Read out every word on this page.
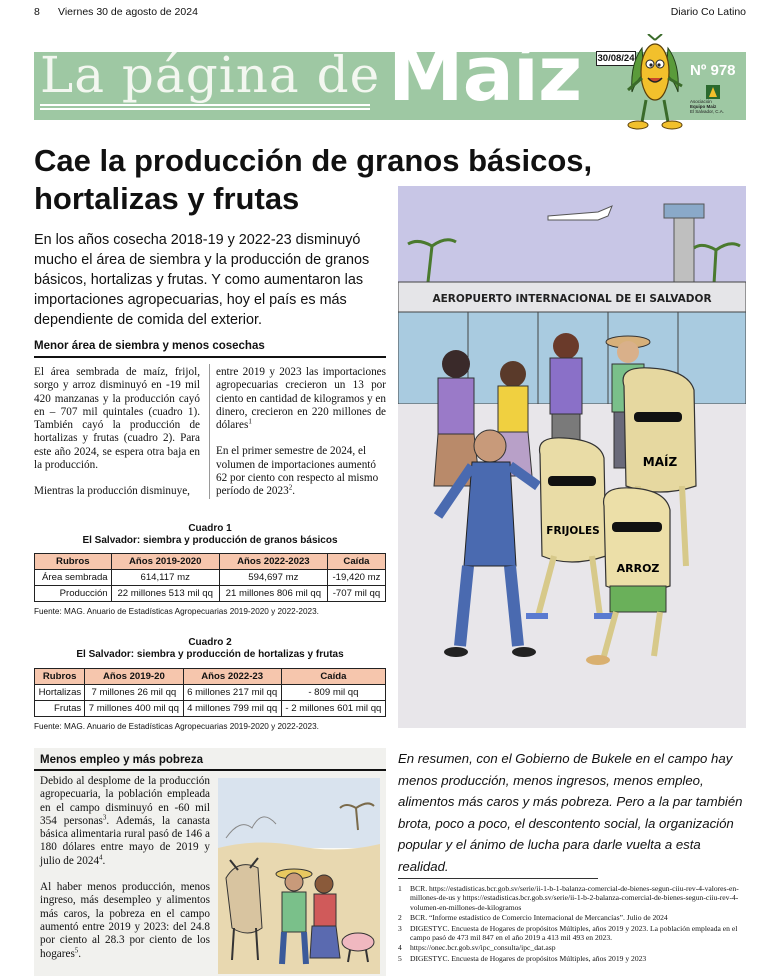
8 Viernes 30 de agosto de 2024	Diario Co Latino
La página de Maíz 30/08/24
Nº 978
Asociación
Equipo Maíz
El Salvador, C.A.
Cae la producción de granos básicos, hortalizas y frutas

En los años cosecha 2018-19 y 2022-23 disminuyó mucho el área de siembra y la producción de granos básicos, hortalizas y frutas. Y como aumentaron las importaciones agropecuarias, hoy el país es más dependiente de comida del exterior.

Menor área de siembra y menos cosechas

El área sembrada de maíz, frijol, sorgo y arroz disminuyó en -19 mil 420 manzanas y la producción cayó en – 707 mil quintales (cuadro 1). También cayó la producción de hortalizas y frutas (cuadro 2). Para este año 2024, se espera otra baja en la producción.

Mientras la producción disminuye,

entre 2019 y 2023 las importaciones agropecuarias crecieron un 13 por ciento en cantidad de kilogramos y en dinero, crecieron en 220 millones de dólares$^1$

En el primer semestre de 2024, el volumen de importaciones aumentó 62 por ciento con respecto al mismo período de 2023$^2$.

Cuadro 1
El Salvador: siembra y producción de granos básicos
Rubros	Años 2019-2020	Años 2022-2023	Caída
Área sembrada	614,117 mz	594,697 mz	-19,420 mz
Producción	22 millones 513 mil qq	21 millones 806 mil qq	-707 mil qq
Fuente: MAG. Anuario de Estadísticas Agropecuarias 2019-2020 y 2022-2023.
Cuadro 2
El Salvador: siembra y producción de hortalizas y frutas
Rubros	Años 2019-20	Años 2022-23	Caída
Hortalizas	7 millones 26 mil qq	6 millones 217 mil qq	- 809 mil qq
Frutas	7 millones 400 mil qq	4 millones 799 mil qq	- 2 millones 601 mil qq
Fuente: MAG. Anuario de Estadísticas Agropecuarias 2019-2020 y 2022-2023.
AEROPUERTO INTERNACIONAL DE El SALVADOR
MAÍZ
FRIJOLES
ARROZ
Menos empleo y más pobreza

Debido al desplome de la producción agropecuaria, la población empleada en el campo disminuyó en -60 mil 354 personas$^3$. Además, la canasta básica alimentaria rural pasó de 146 a 180 dólares entre mayo de 2019 y julio de 2024$^4$.

Al haber menos producción, menos ingreso, más desempleo y alimentos más caros, la pobreza en el campo aumentó entre 2019 y 2023: del 24.8 por ciento al 28.3 por ciento de los hogares$^5$.

En resumen, con el Gobierno de Bukele en el campo hay menos producción, menos ingresos, menos empleo, alimentos más caros y más pobreza. Pero a la par también brota, poco a poco, el descontento social, la organización popular y el ánimo de lucha para darle vuelta a esta realidad.

1 BCR. https://estadisticas.bcr.gob.sv/serie/ii-1-b-1-balanza-comercial-de-bienes-segun-ciiu-rev-4-valores-en-millones-de-us y https://estadisticas.bcr.gob.sv/serie/ii-1-b-2-balanza-comercial-de-bienes-segun-ciiu-rev-4-volumen-en-millones-de-kilogramos
2 BCR. “Informe estadístico de Comercio Internacional de Mercancías”. Julio de 2024
3 DIGESTYC. Encuesta de Hogares de propósitos Múltiples, años 2019 y 2023. La población empleada en el campo pasó de 473 mil 847 en el año 2019 a 413 mil 493 en 2023.
4 https://onec.bcr.gob.sv/ipc_consulta/ipc_dat.asp
5 DIGESTYC. Encuesta de Hogares de propósitos Múltiples, años 2019 y 2023
